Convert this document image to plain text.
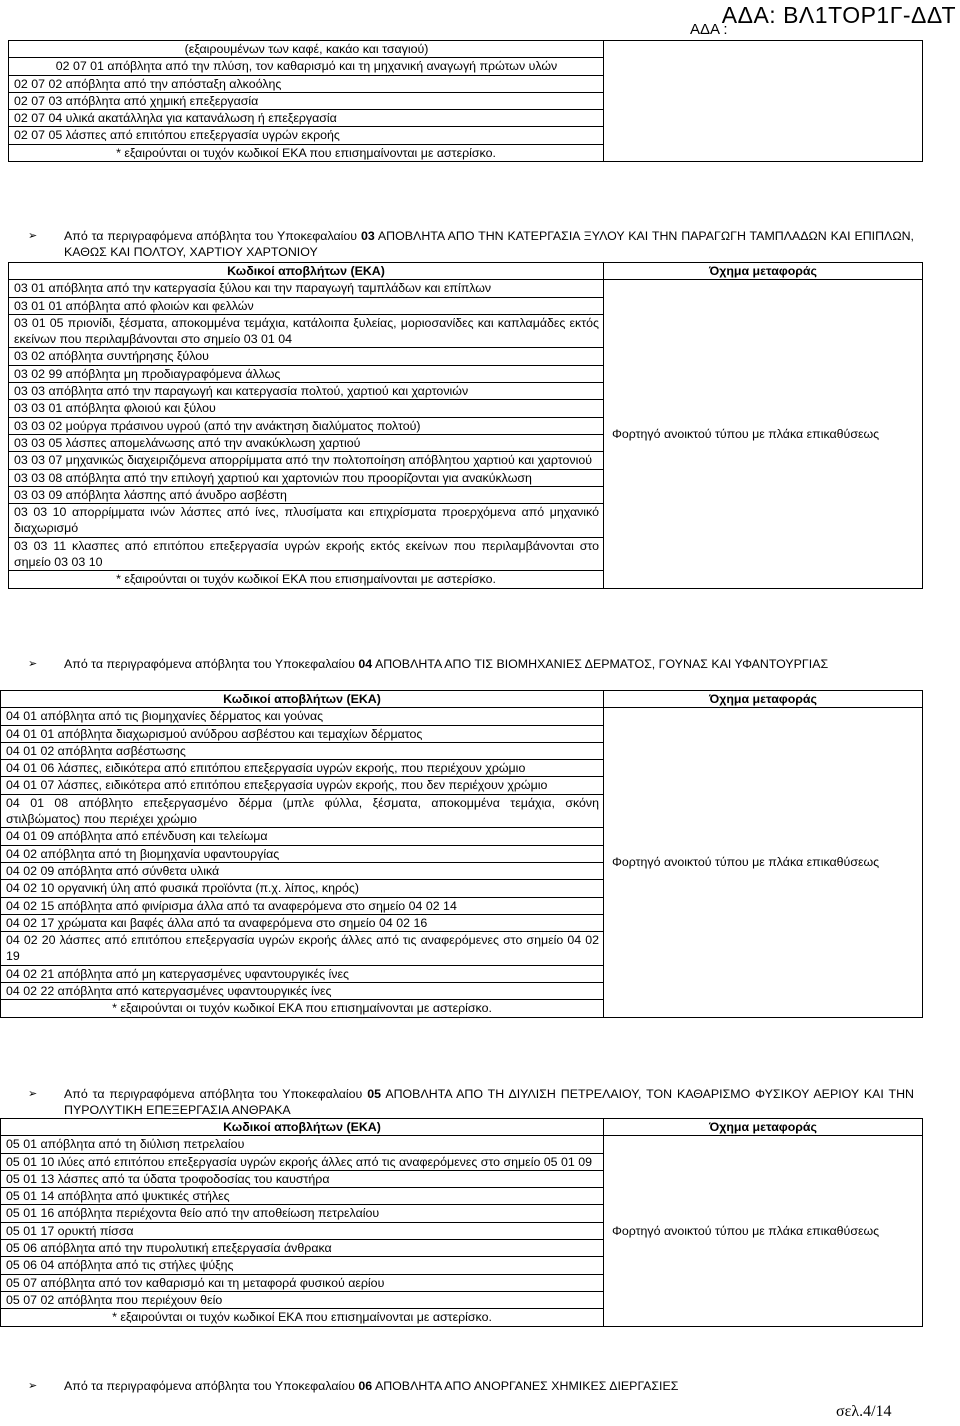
ΑΔΑ: ΒΛ1ΤΟΡ1Γ-ΔΔΤ
ΑΔΑ :
(εξαιρουμένων των καφέ, κακάο και τσαγιού)	
02 07 01 απόβλητα από την πλύση, τον καθαρισμό και τη μηχανική αναγωγή πρώτων υλών
02 07 02 απόβλητα από την απόσταξη αλκοόλης
02 07 03 απόβλητα από χημική επεξεργασία
02 07 04 υλικά ακατάλληλα για κατανάλωση ή επεξεργασία
02 07 05 λάσπες από επιτόπου επεξεργασία υγρών εκροής
* εξαιρούνται οι τυχόν κωδικοί ΕΚΑ που επισημαίνονται με αστερίσκο.
➢	Από τα περιγραφόμενα απόβλητα του Υποκεφαλαίου 03 ΑΠΟΒΛΗΤΑ ΑΠΟ ΤΗΝ ΚΑΤΕΡΓΑΣΙΑ ΞΥΛΟΥ ΚΑΙ ΤΗΝ ΠΑΡΑΓΩΓΗ ΤΑΜΠΛΑΔΩΝ ΚΑΙ ΕΠΙΠΛΩΝ, ΚΑΘΩΣ ΚΑΙ ΠΟΛΤΟΥ, ΧΑΡΤΙΟΥ ΧΑΡΤΟΝΙΟΥ
Κωδικοί αποβλήτων (ΕΚΑ)	Όχημα μεταφοράς
03 01 απόβλητα από την κατεργασία ξύλου και την παραγωγή ταμπλάδων και επίπλων	Φορτηγό ανοικτού τύπου με πλάκα επικαθύσεως

03 01 01 απόβλητα από φλοιών και φελλών	
03 01 05 πριονίδι, ξέσματα, αποκομμένα τεμάχια, κατάλοιπα ξυλείας, μοριοσανίδες και καπλαμάδες εκτός εκείνων που περιλαμβάνονται στο σημείο 03 01 04	
03 02 απόβλητα συντήρησης ξύλου	
03 02 99 απόβλητα μη προδιαγραφόμενα άλλως	
03 03 απόβλητα από την παραγωγή και κατεργασία πολτού, χαρτιού και χαρτονιών	
03 03 01 απόβλητα φλοιού και ξύλου	
03 03 02 μούργα πράσινου υγρού (από την ανάκτηση διαλύματος πολτού)	
03 03 05 λάσπες απομελάνωσης από την ανακύκλωση χαρτιού	
03 03 07 μηχανικώς διαχειριζόμενα απορρίμματα από την πολτοποίηση απόβλητου χαρτιού και χαρτονιού	
03 03 08 απόβλητα από την επιλογή χαρτιού και χαρτονιών που προορίζονται για ανακύκλωση	
03 03 09 απόβλητα λάσπης από άνυδρο ασβέστη	
03 03 10 απορρίμματα ινών λάσπες από ίνες, πλυσίματα και επιχρίσματα προερχόμενα από μηχανικό διαχωρισμό	
03 03 11 κλασπες από επιτόπου επεξεργασία υγρών εκροής εκτός εκείνων που περιλαμβάνονται στο σημείο 03 03 10	
* εξαιρούνται οι τυχόν κωδικοί ΕΚΑ που επισημαίνονται με αστερίσκο.	
➢	Από τα περιγραφόμενα απόβλητα του Υποκεφαλαίου 04 ΑΠΟΒΛΗΤΑ ΑΠΟ ΤΙΣ ΒΙΟΜΗΧΑΝΙΕΣ ΔΕΡΜΑΤΟΣ, ΓΟΥΝΑΣ ΚΑΙ ΥΦΑΝΤΟΥΡΓΙΑΣ
Κωδικοί αποβλήτων (ΕΚΑ)	Όχημα μεταφοράς
04 01 απόβλητα από τις βιομηχανίες δέρματος και γούνας	Φορτηγό ανοικτού τύπου με πλάκα επικαθύσεως

04 01 01 απόβλητα διαχωρισμού ανύδρου ασβέστου και τεμαχίων δέρματος	
04 01 02 απόβλητα ασβέστωσης	
04 01 06 λάσπες, ειδικότερα από επιτόπου επεξεργασία υγρών εκροής, που περιέχουν χρώμιο	
04 01 07 λάσπες, ειδικότερα από επιτόπου επεξεργασία υγρών εκροής, που δεν περιέχουν χρώμιο	
04 01 08 απόβλητο επεξεργασμένο δέρμα (μπλε φύλλα, ξέσματα, αποκομμένα τεμάχια, σκόνη στιλβώματος) που περιέχει χρώμιο	
04 01 09 απόβλητα από επένδυση και τελείωμα	
04 02 απόβλητα από τη βιομηχανία υφαντουργίας	
04 02 09 απόβλητα από σύνθετα υλικά	
04 02 10 οργανική ύλη από φυσικά προϊόντα (π.χ. λίπος, κηρός)	
04 02 15 απόβλητα από φινίρισμα άλλα από τα αναφερόμενα στο σημείο 04 02 14	
04 02 17 χρώματα και βαφές άλλα από τα αναφερόμενα στο σημείο 04 02 16	
04 02 20 λάσπες από επιτόπου επεξεργασία υγρών εκροής άλλες από τις αναφερόμενες στο σημείο 04 02 19	
04 02 21 απόβλητα από μη κατεργασμένες υφαντουργικές ίνες	
04 02 22 απόβλητα από κατεργασμένες υφαντουργικές ίνες	
* εξαιρούνται οι τυχόν κωδικοί ΕΚΑ που επισημαίνονται με αστερίσκο.	
➢	Από τα περιγραφόμενα απόβλητα του Υποκεφαλαίου 05 ΑΠΟΒΛΗΤΑ ΑΠΟ ΤΗ ΔΙΥΛΙΣΗ ΠΕΤΡΕΛΑΙΟΥ, ΤΟΝ ΚΑΘΑΡΙΣΜΟ ΦΥΣΙΚΟΥ ΑΕΡΙΟΥ ΚΑΙ ΤΗΝ ΠΥΡΟΛΥΤΙΚΗ ΕΠΕΞΕΡΓΑΣΙΑ ΑΝΘΡΑΚΑ
Κωδικοί αποβλήτων (ΕΚΑ)	Όχημα μεταφοράς
05 01 απόβλητα από τη διύλιση πετρελαίου	Φορτηγό ανοικτού τύπου με πλάκα επικαθύσεως

05 01 10 ιλύες από επιτόπου επεξεργασία υγρών εκροής άλλες από τις αναφερόμενες στο σημείο 05 01 09	
05 01 13 λάσπες από τα ύδατα τροφοδοσίας του καυστήρα	
05 01 14 απόβλητα από ψυκτικές στήλες	
05 01 16 απόβλητα περιέχοντα θείο από την αποθείωση πετρελαίου	
05 01 17 ορυκτή πίσσα	
05 06 απόβλητα από την πυρολυτική επεξεργασία άνθρακα	
05 06 04 απόβλητα από τις στήλες ψύξης	
05 07 απόβλητα από τον καθαρισμό και τη μεταφορά φυσικού αερίου	
05 07 02 απόβλητα που περιέχουν θείο	
* εξαιρούνται οι τυχόν κωδικοί ΕΚΑ που επισημαίνονται με αστερίσκο.	
➢	Από τα περιγραφόμενα απόβλητα του Υποκεφαλαίου 06 ΑΠΟΒΛΗΤΑ ΑΠΟ ΑΝΟΡΓΑΝΕΣ ΧΗΜΙΚΕΣ ΔΙΕΡΓΑΣΙΕΣ
σελ.4/14
